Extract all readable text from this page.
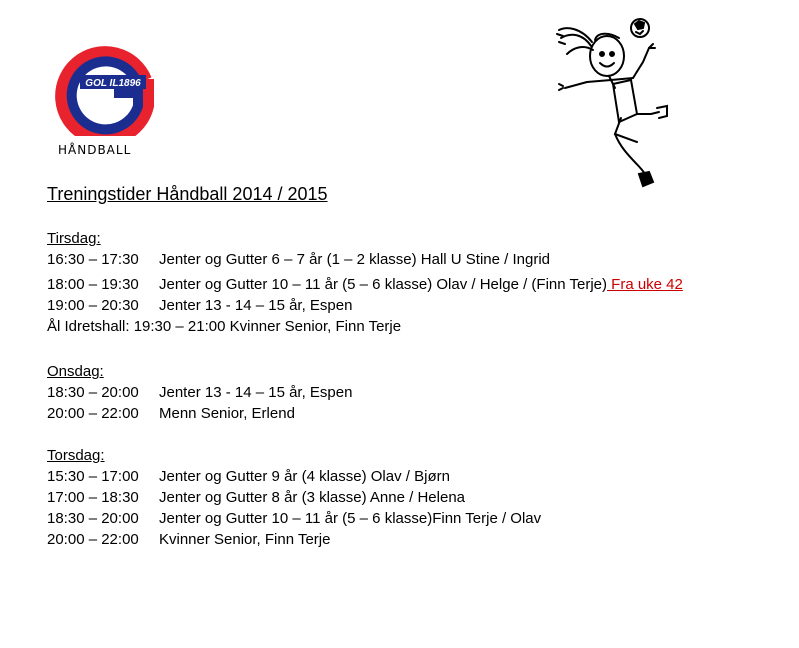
GOL IL1896
HÅNDBALL
Treningstider Håndball 2014 / 2015
Tirsdag:
16:30 – 17:30 Jenter og Gutter 6 – 7 år (1 – 2 klasse) Hall U Stine / Ingrid
18:00 – 19:30 Jenter og Gutter 10 – 11 år (5 – 6 klasse) Olav / Helge / (Finn Terje) Fra uke 42
19:00 – 20:30 Jenter 13 - 14 – 15 år, Espen
Ål Idretshall: 19:30 – 21:00 Kvinner Senior, Finn Terje
Onsdag:
18:30 – 20:00 Jenter 13 - 14 – 15 år, Espen
20:00 – 22:00 Menn Senior, Erlend
Torsdag:
15:30 – 17:00 Jenter og Gutter 9 år (4 klasse) Olav / Bjørn
17:00 – 18:30 Jenter og Gutter 8 år (3 klasse) Anne / Helena
18:30 – 20:00 Jenter og Gutter 10 – 11 år (5 – 6 klasse)Finn Terje / Olav
20:00 – 22:00 Kvinner Senior, Finn Terje
